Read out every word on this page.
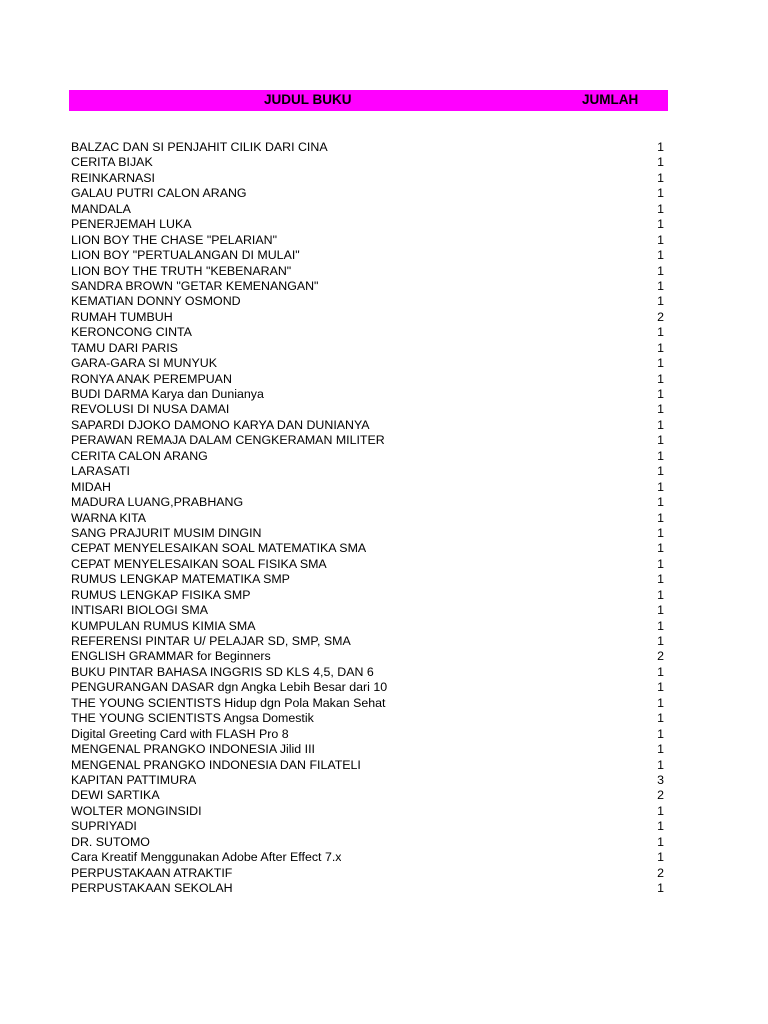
JUDUL BUKU	JUMLAH
BALZAC DAN SI PENJAHIT CILIK DARI CINA	1
CERITA BIJAK	1
REINKARNASI	1
GALAU PUTRI CALON ARANG	1
MANDALA	1
PENERJEMAH LUKA	1
LION BOY THE CHASE "PELARIAN"	1
LION BOY "PERTUALANGAN DI MULAI"	1
LION BOY THE TRUTH "KEBENARAN"	1
SANDRA BROWN "GETAR KEMENANGAN"	1
KEMATIAN DONNY OSMOND	1
RUMAH TUMBUH	2
KERONCONG CINTA	1
TAMU DARI PARIS	1
GARA-GARA SI MUNYUK	1
RONYA ANAK PEREMPUAN	1
BUDI DARMA Karya dan Dunianya	1
REVOLUSI DI NUSA DAMAI	1
SAPARDI DJOKO DAMONO KARYA DAN DUNIANYA	1
PERAWAN REMAJA DALAM CENGKERAMAN MILITER	1
CERITA CALON ARANG	1
LARASATI	1
MIDAH	1
MADURA LUANG,PRABHANG	1
WARNA KITA	1
SANG PRAJURIT MUSIM DINGIN	1
CEPAT MENYELESAIKAN SOAL MATEMATIKA SMA	1
CEPAT MENYELESAIKAN SOAL FISIKA SMA	1
RUMUS LENGKAP MATEMATIKA SMP	1
RUMUS LENGKAP FISIKA SMP	1
INTISARI BIOLOGI SMA	1
KUMPULAN RUMUS KIMIA SMA	1
REFERENSI PINTAR U/ PELAJAR SD, SMP, SMA	1
ENGLISH GRAMMAR for Beginners	2
BUKU PINTAR BAHASA INGGRIS SD KLS 4,5, DAN 6	1
PENGURANGAN DASAR dgn Angka Lebih Besar dari 10	1
THE YOUNG SCIENTISTS Hidup dgn Pola Makan Sehat	1
THE YOUNG SCIENTISTS Angsa Domestik	1
Digital Greeting Card with FLASH Pro 8	1
MENGENAL PRANGKO INDONESIA Jilid III	1
MENGENAL PRANGKO INDONESIA DAN FILATELI	1
KAPITAN PATTIMURA	3
DEWI SARTIKA	2
WOLTER MONGINSIDI	1
SUPRIYADI	1
DR. SUTOMO	1
Cara Kreatif Menggunakan Adobe After Effect 7.x	1
PERPUSTAKAAN ATRAKTIF	2
PERPUSTAKAAN SEKOLAH	1
